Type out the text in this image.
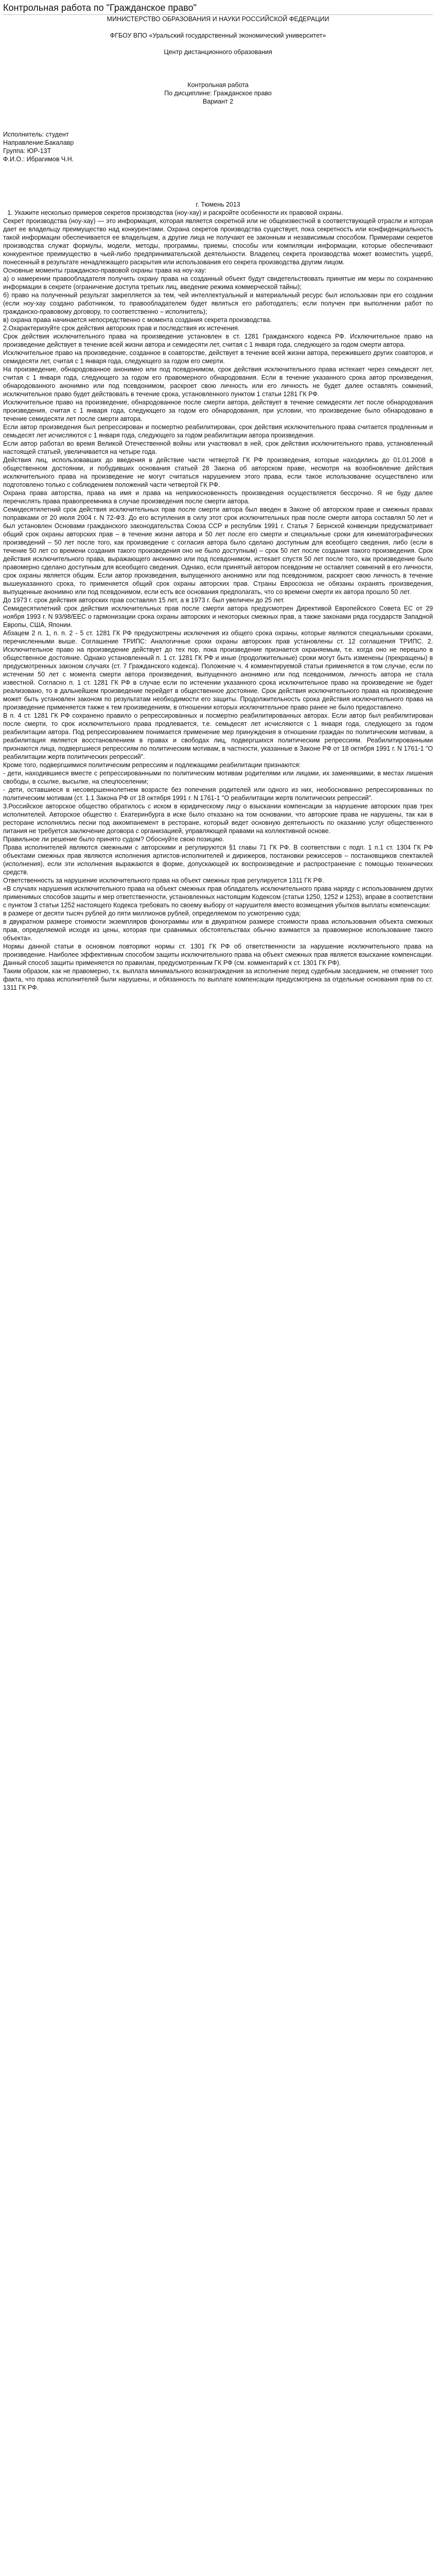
Контрольная работа по "Гражданское право"
МИНИСТЕРСТВО ОБРАЗОВАНИЯ И НАУКИ РОССИЙСКОЙ ФЕДЕРАЦИИ
ФГБОУ ВПО «Уральский государственный экономический университет»
Центр дистанционного образования
Контрольная работа
По дисциплине: Гражданское право
Вариант 2
Исполнитель: студент
Направление:Бакалавр
Группа: ЮР-13Т
Ф.И.О.: Ибрагимов Ч.Н.
г. Тюмень 2013
1. Укажите несколько примеров секретов производства (ноу-хау) и раскройте особенности их правовой охраны.

Секрет производства (ноу-хау) — это информация, которая является секретной или не общеизвестной в соответствующей отрасли и которая дает ее владельцу преимущество над конкурентами. Охрана секретов производства существует, пока секретность или конфиденциальность такой информации обеспечивается ее владельцем, а другие лица не получают ее законным и независимым способом. Примерами секретов производства служат формулы, модели, методы, программы, приемы, способы или компиляции информации, которые обеспечивают конкурентное преимущество в чьей-либо предпринимательской деятельности. Владелец секрета производства может возместить ущерб, понесенный в результате ненадлежащего раскрытия или использования его секрета производства другим лицом.

Основные моменты гражданско-правовой охраны трава на ноу-хау:

а) о намерении правообладателя получить охрану права на созданный объект будут свидетельствовать принятые им меры по сохранению информации в секрете (ограничение доступа третьих лиц, введение режима коммерческой тайны);

б) право на полученный результат закрепляется за тем, чей интеллектуальный и материальный ресурс был использован при его создании (если ноу-хау создано работником, то правообладателем будет являться его работодатель; если получен при выполнении работ по гражданско-правовому договору, то соответственно – исполнитель);

в) охрана права начинается непосредственно с момента создания секрета производства.

2.Охарактеризуйте срок действия авторских прав и последствия их истечения.

Срок действия исключительного права на произведение установлен в ст. 1281 Гражданского кодекса РФ. Исключительное право на произведение действует в течение всей жизни автора и семидесяти лет, считая с 1 января года, следующего за годом смерти автора.

Исключительное право на произведение, созданное в соавторстве, действует в течение всей жизни автора, пережившего других соавторов, и семидесяти лет, считая с 1 января года, следующего за годом его смерти.

На произведение, обнародованное анонимно или под псевдонимом, срок действия исключительного права истекает через семьдесят лет, считая с 1 января года, следующего за годом его правомерного обнародования. Если в течение указанного срока автор произведения, обнародованного анонимно или под псевдонимом, раскроет свою личность или его личность не будет далее оставлять сомнений, исключительное право будет действовать в течение срока, установленного пунктом 1 статьи 1281 ГК РФ.

Исключительное право на произведение, обнародованное после смерти автора, действует в течение семидесяти лет после обнародования произведения, считая с 1 января года, следующего за годом его обнародования, при условии, что произведение было обнародовано в течение семидесяти лет после смерти автора.

Если автор произведения был репрессирован и посмертно реабилитирован, срок действия исключительного права считается продленным и семьдесят лет исчисляются с 1 января года, следующего за годом реабилитации автора произведения.

Если автор работал во время Великой Отечественной войны или участвовал в ней, срок действия исключительного права, установленный настоящей статьей, увеличивается на четыре года.

Действия лиц, использовавших до введения в действие части четвертой ГК РФ произведения, которые находились до 01.01.2008 в общественном достоянии, и побудивших основания статьей 28 Закона об авторском праве, несмотря на возобновление действия исключительного права на произведение не могут считаться нарушением этого права, если такое использование осуществлено или подготовлено только с соблюдением положений части четвертой ГК РФ.

Охрана права авторства, права на имя и права на неприкосновенность произведения осуществляется бессрочно. Я не буду далее перечислять права правопреемника в случае произведения после смерти автора.

Семидесятилетний срок действия исключительных прав после смерти автора был введен в Законе об авторском праве и смежных правах поправками от 20 июля 2004 г. N 72-ФЗ. До его вступления в силу этот срок исключительных прав после смерти автора составлял 50 лет и был установлен Основами гражданского законодательства Союза ССР и республик 1991 г. Статья 7 Бернской конвенции предусматривает общий срок охраны авторских прав – в течение жизни автора и 50 лет после его смерти и специальные сроки для кинематографических произведений – 50 лет после того, как произведение с согласия автора было сделано доступным для всеобщего сведения, либо (если в течение 50 лет со времени создания такого произведения оно не было доступным) – срок 50 лет после создания такого произведения. Срок действия исключительного права, выражающего анонимно или под псевдонимом, истекает спустя 50 лет после того, как произведение было правомерно сделано доступным для всеобщего сведения. Однако, если принятый автором псевдоним не оставляет сомнений в его личности, срок охраны является общим. Если автор произведения, выпущенного анонимно или под псевдонимом, раскроет свою личность в течение вышеуказанного срока, то применяется общий срок охраны авторских прав. Страны Евросоюза не обязаны охранять произведения, выпущенные анонимно или под псевдонимом, если есть все основания предполагать, что со времени смерти их автора прошло 50 лет.

До 1973 г. срок действия авторских прав составлял 15 лет, а в 1973 г. был увеличен до 25 лет.

Семидесятилетний срок действия исключительных прав после смерти автора предусмотрен Директивой Европейского Совета ЕС от 29 ноября 1993 г. N 93/98/EEC о гармонизации срока охраны авторских и некоторых смежных прав, а также законами ряда государств Западной Европы, США, Японии.

Абзацем 2 п. 1, п. п. 2 - 5 ст. 1281 ГК РФ предусмотрены исключения из общего срока охраны, которые являются специальными сроками, перечисленными выше. Соглашение ТРИПС: Аналогичные сроки охраны авторских прав установлены ст. 12 соглашения ТРИПС. 2. Исключительное право на произведение действует до тех пор, пока произведение признается охраняемым, т.е. когда оно не перешло в общественное достояние. Однако установленный п. 1 ст. 1281 ГК РФ и иные (продолжительные) сроки могут быть изменены (прекращены) в предусмотренных законом случаях (ст. 7 Гражданского кодекса). Положение ч. 4 комментируемой статьи применяется в том случае, если по истечении 50 лет с момента смерти автора произведения, выпущенного анонимно или под псевдонимом, личность автора не стала известной. Согласно п. 1 ст. 1281 ГК РФ в случае если по истечении указанного срока исключительное право на произведение не будет реализовано, то в дальнейшем произведение перейдет в общественное достояние. Срок действия исключительного права на произведение может быть установлен законом по результатам необходимости его защиты. Продолжительность срока действия исключительного права на произведение применяется также к тем произведениям, в отношении которых исключительное право ранее не было предоставлено.

В п. 4 ст. 1281 ГК РФ сохранено правило о репрессированных и посмертно реабилитированных авторах. Если автор был реабилитирован после смерти, то срок исключительного права продлевается, т.е. семьдесят лет исчисляются с 1 января года, следующего за годом реабилитации автора. Под репрессированием понимается применение мер принуждения в отношении граждан по политическим мотивам, а реабилитация является восстановлением в правах и свободах лиц, подвергшихся политическим репрессиям. Реабилитированными признаются лица, подвергшиеся репрессиям по политическим мотивам, в частности, указанные в Законе РФ от 18 октября 1991 г. N 1761-1 "О реабилитации жертв политических репрессий".

Кроме того, подвергшимися политическим репрессиям и подлежащими реабилитации признаются:

- дети, находившиеся вместе с репрессированными по политическим мотивам родителями или лицами, их заменявшими, в местах лишения свободы, в ссылке, высылке, на спецпоселении;

- дети, оставшиеся в несовершеннолетнем возрасте без попечения родителей или одного из них, необоснованно репрессированных по политическим мотивам (ст. 1.1 Закона РФ от 18 октября 1991 г. N 1761-1 "О реабилитации жертв политических репрессий".

3.Российское авторское общество обратилось с иском в юридическому лицу о взыскании компенсации за нарушение авторских прав трех исполнителей. Авторское общество г. Екатеринбурга в иске было отказано на том основании, что авторские права не нарушены, так как в ресторане исполнялись песни под аккомпанемент в ресторане, который ведет основную деятельность по оказанию услуг общественного питания не требуется заключение договора с организацией, управляющей правами на коллективной основе.

Правильное ли решение было принято судом? Обоснуйте свою позицию.

Права исполнителей являются смежными с авторскими и регулируются §1 главы 71 ГК РФ. В соответствии с подп. 1 п.1 ст. 1304 ГК РФ объектами смежных прав являются исполнения артистов-исполнителей и дирижеров, постановки режиссеров – постановщиков спектаклей (исполнения), если эти исполнения выражаются в форме, допускающей их воспроизведение и распространение с помощью технических средств.

Ответственность за нарушение исключительного права на объект смежных прав регулируется 1311 ГК РФ.

«В случаях нарушения исключительного права на объект смежных прав обладатель исключительного права наряду с использованием других применимых способов защиты и мер ответственности, установленных настоящим Кодексом (статьи 1250, 1252 и 1253), вправе в соответствии с пунктом 3 статьи 1252 настоящего Кодекса требовать по своему выбору от нарушителя вместо возмещения убытков выплаты компенсации:

в размере от десяти тысяч рублей до пяти миллионов рублей, определяемом по усмотрению суда;

в двукратном размере стоимости экземпляров фонограммы или в двукратном размере стоимости права использования объекта смежных прав, определяемой исходя из цены, которая при сравнимых обстоятельствах обычно взимается за правомерное использование такого объекта».

Нормы данной статьи в основном повторяют нормы ст. 1301 ГК РФ об ответственности за нарушение исключительного права на произведение. Наиболее эффективным способом защиты исключительного права на объект смежных прав является взыскание компенсации. Данный способ защиты применяется по правилам, предусмотренным ГК РФ (см. комментарий к ст. 1301 ГК РФ).

Таким образом, как не правомерно, т.к. выплата минимального вознаграждения за исполнение перед судебным заседанием, не отменяет того факта, что права исполнителей были нарушены, и обязанность по выплате компенсации предусмотрена за отдельные основания прав по ст. 1311 ГК РФ.
